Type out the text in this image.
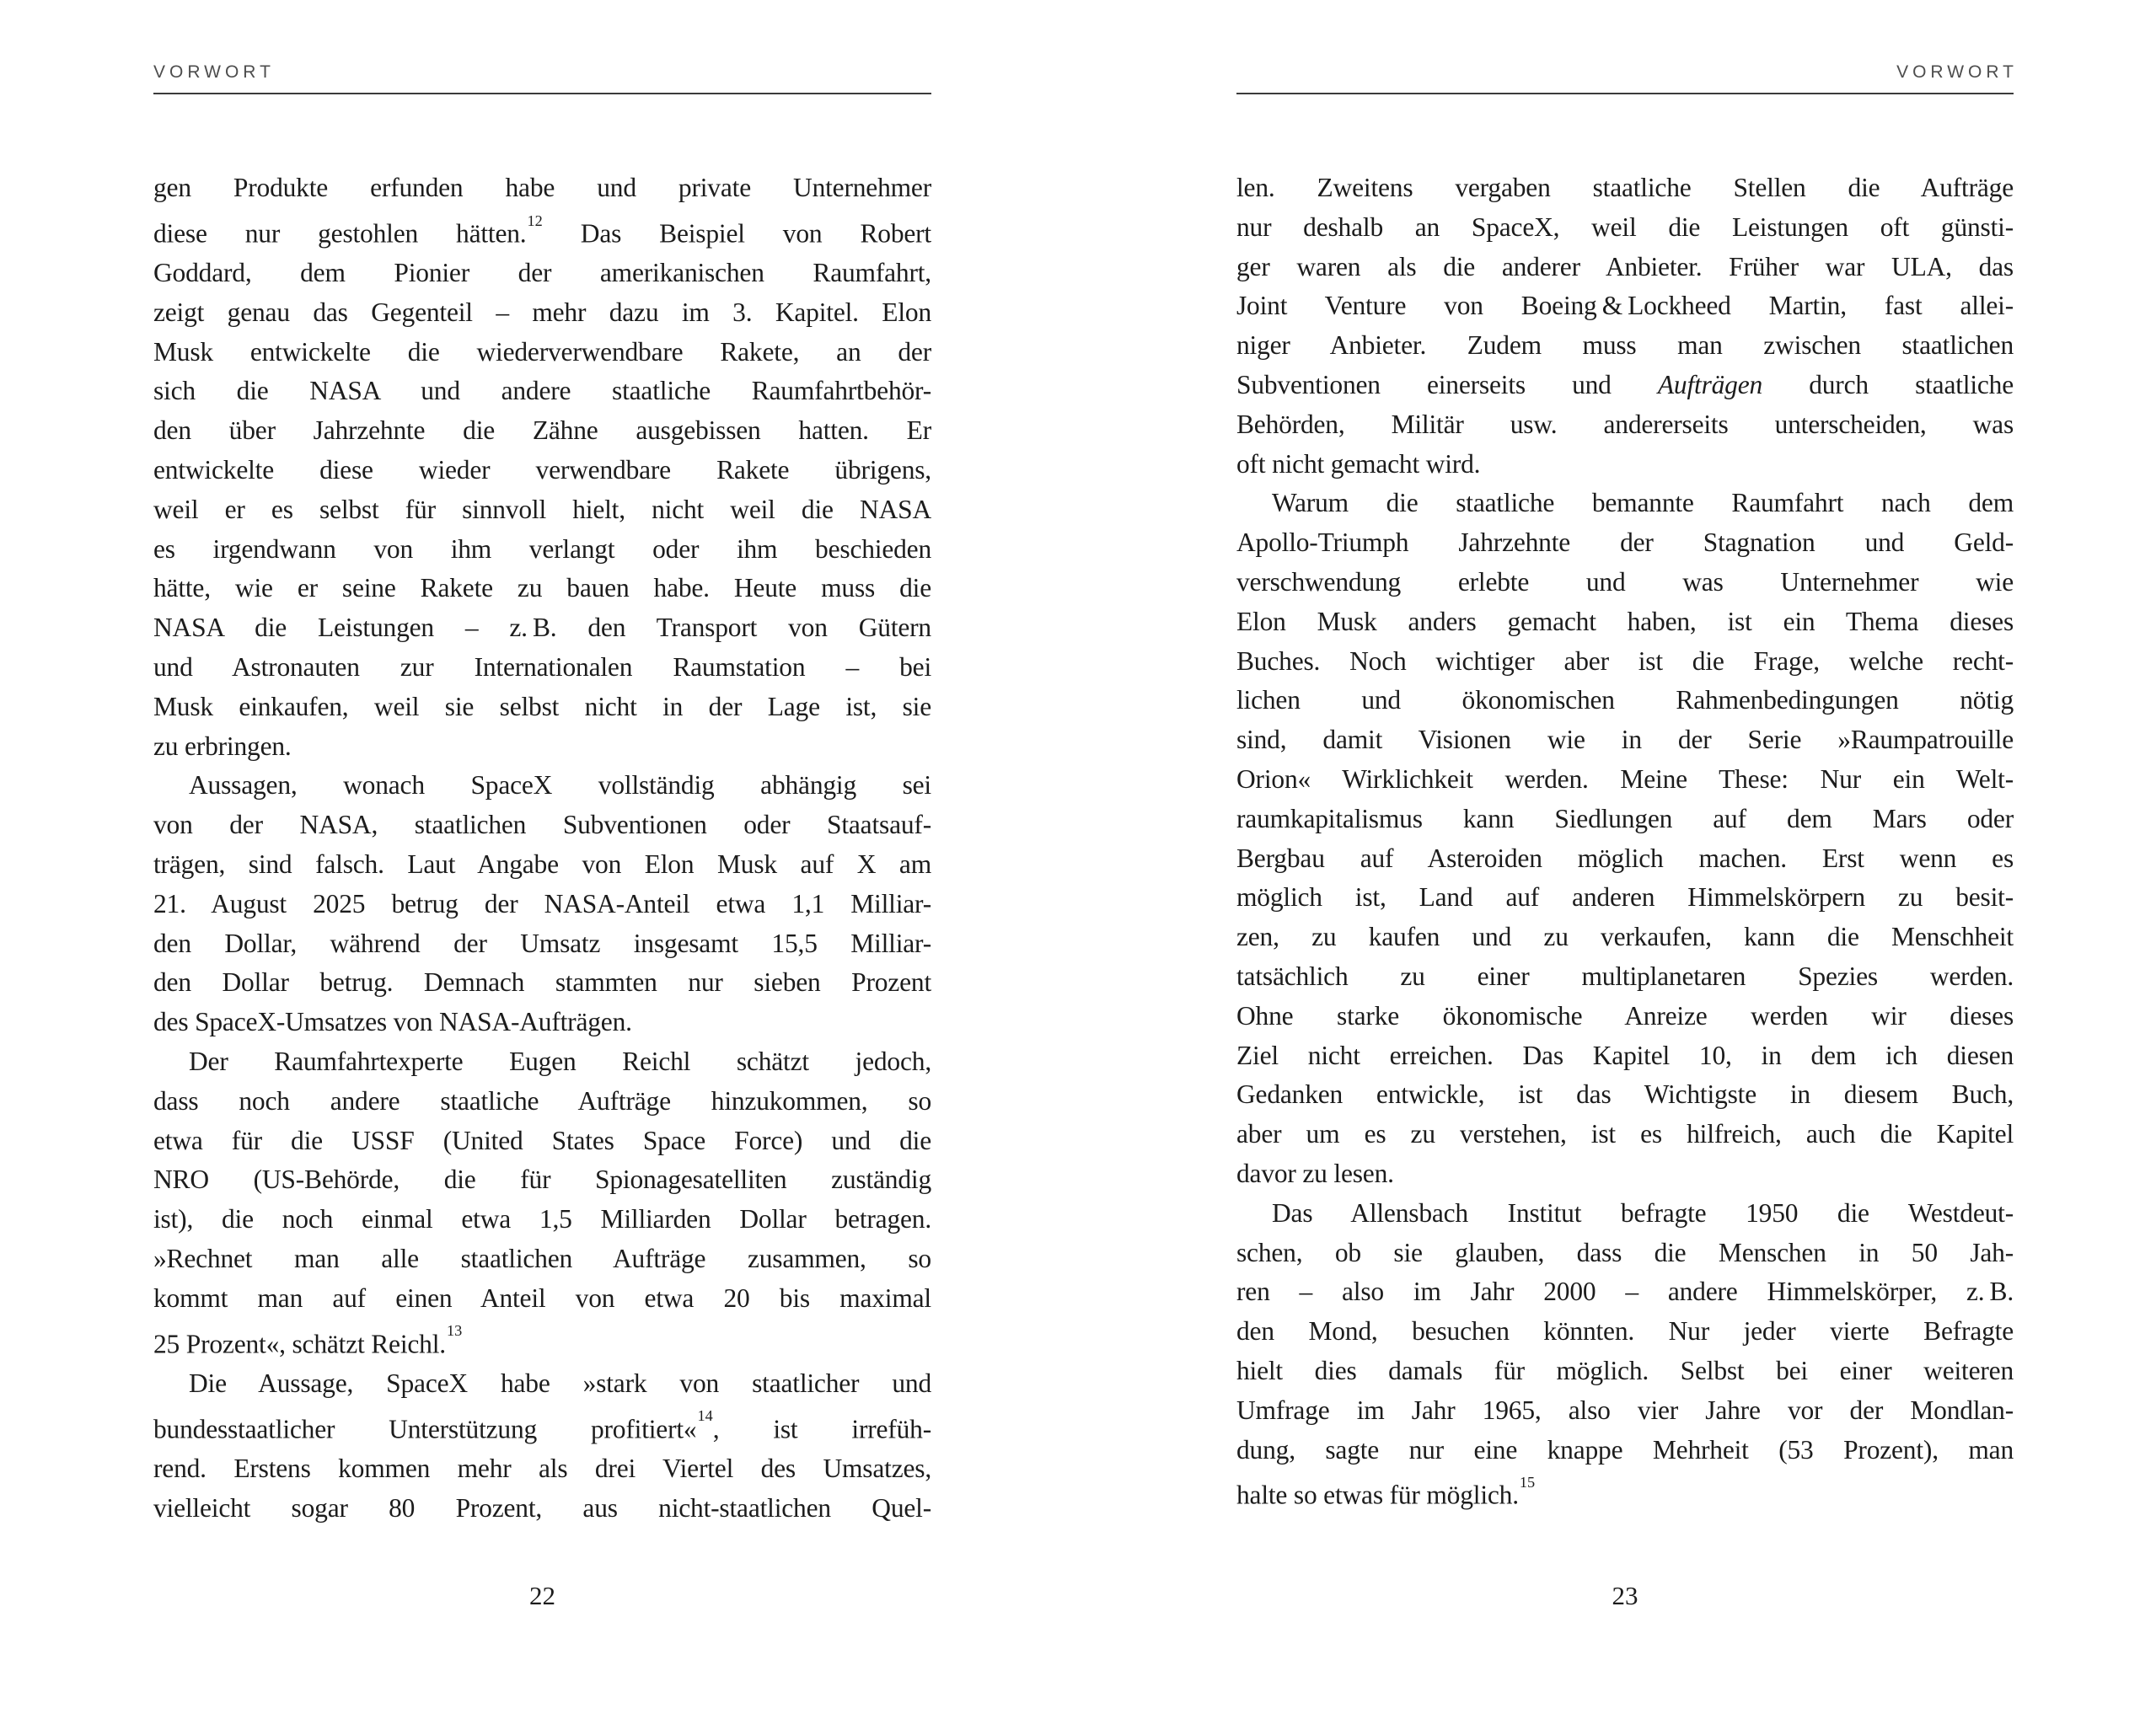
VORWORT
gen Produkte erfunden habe und private Unternehmer
diese nur gestohlen hätten.$^{12}$ Das Beispiel von Robert
Goddard, dem Pionier der amerikanischen Raumfahrt,
zeigt genau das Gegenteil – mehr dazu im 3. Kapitel. Elon
Musk entwickelte die wiederverwendbare Rakete, an der
sich die NASA und andere staatliche Raumfahrtbehör-
den über Jahrzehnte die Zähne ausgebissen hatten. Er
entwickelte diese wieder verwendbare Rakete übrigens,
weil er es selbst für sinnvoll hielt, nicht weil die NASA
es irgendwann von ihm verlangt oder ihm beschieden
hätte, wie er seine Rakete zu bauen habe. Heute muss die
NASA die Leistungen – z. B. den Transport von Gütern
und Astronauten zur Internationalen Raumstation – bei
Musk einkaufen, weil sie selbst nicht in der Lage ist, sie
zu erbringen.
Aussagen, wonach SpaceX vollständig abhängig sei
von der NASA, staatlichen Subventionen oder Staatsauf-
trägen, sind falsch. Laut Angabe von Elon Musk auf X am
21. August 2025 betrug der NASA-Anteil etwa 1,1 Milliar-
den Dollar, während der Umsatz insgesamt 15,5 Milliar-
den Dollar betrug. Demnach stammten nur sieben Prozent
des SpaceX-Umsatzes von NASA-Aufträgen.
Der Raumfahrtexperte Eugen Reichl schätzt jedoch,
dass noch andere staatliche Aufträge hinzukommen, so
etwa für die USSF (United States Space Force) und die
NRO (US-Behörde, die für Spionagesatelliten zuständig
ist), die noch einmal etwa 1,5 Milliarden Dollar betragen.
»Rechnet man alle staatlichen Aufträge zusammen, so
kommt man auf einen Anteil von etwa 20 bis maximal
25 Prozent«, schätzt Reichl.$^{13}$
Die Aussage, SpaceX habe »stark von staatlicher und
bundesstaatlicher Unterstützung profitiert«$^{14}$, ist irrefüh-
rend. Erstens kommen mehr als drei Viertel des Umsatzes,
vielleicht sogar 80 Prozent, aus nicht-staatlichen Quel-
22
VORWORT
len. Zweitens vergaben staatliche Stellen die Aufträge
nur deshalb an SpaceX, weil die Leistungen oft günsti-
ger waren als die anderer Anbieter. Früher war ULA, das
Joint Venture von Boeing & Lockheed Martin, fast allei-
niger Anbieter. Zudem muss man zwischen staatlichen
Subventionen einerseits und Aufträgen durch staatliche
Behörden, Militär usw. andererseits unterscheiden, was
oft nicht gemacht wird.
Warum die staatliche bemannte Raumfahrt nach dem
Apollo-Triumph Jahrzehnte der Stagnation und Geld-
verschwendung erlebte und was Unternehmer wie
Elon Musk anders gemacht haben, ist ein Thema dieses
Buches. Noch wichtiger aber ist die Frage, welche recht-
lichen und ökonomischen Rahmenbedingungen nötig
sind, damit Visionen wie in der Serie »Raumpatrouille
Orion« Wirklichkeit werden. Meine These: Nur ein Welt-
raumkapitalismus kann Siedlungen auf dem Mars oder
Bergbau auf Asteroiden möglich machen. Erst wenn es
möglich ist, Land auf anderen Himmelskörpern zu besit-
zen, zu kaufen und zu verkaufen, kann die Menschheit
tatsächlich zu einer multiplanetaren Spezies werden.
Ohne starke ökonomische Anreize werden wir dieses
Ziel nicht erreichen. Das Kapitel 10, in dem ich diesen
Gedanken entwickle, ist das Wichtigste in diesem Buch,
aber um es zu verstehen, ist es hilfreich, auch die Kapitel
davor zu lesen.
Das Allensbach Institut befragte 1950 die Westdeut-
schen, ob sie glauben, dass die Menschen in 50 Jah-
ren – also im Jahr 2000 – andere Himmelskörper, z. B.
den Mond, besuchen könnten. Nur jeder vierte Befragte
hielt dies damals für möglich. Selbst bei einer weiteren
Umfrage im Jahr 1965, also vier Jahre vor der Mondlan-
dung, sagte nur eine knappe Mehrheit (53 Prozent), man
halte so etwas für möglich.$^{15}$
23
